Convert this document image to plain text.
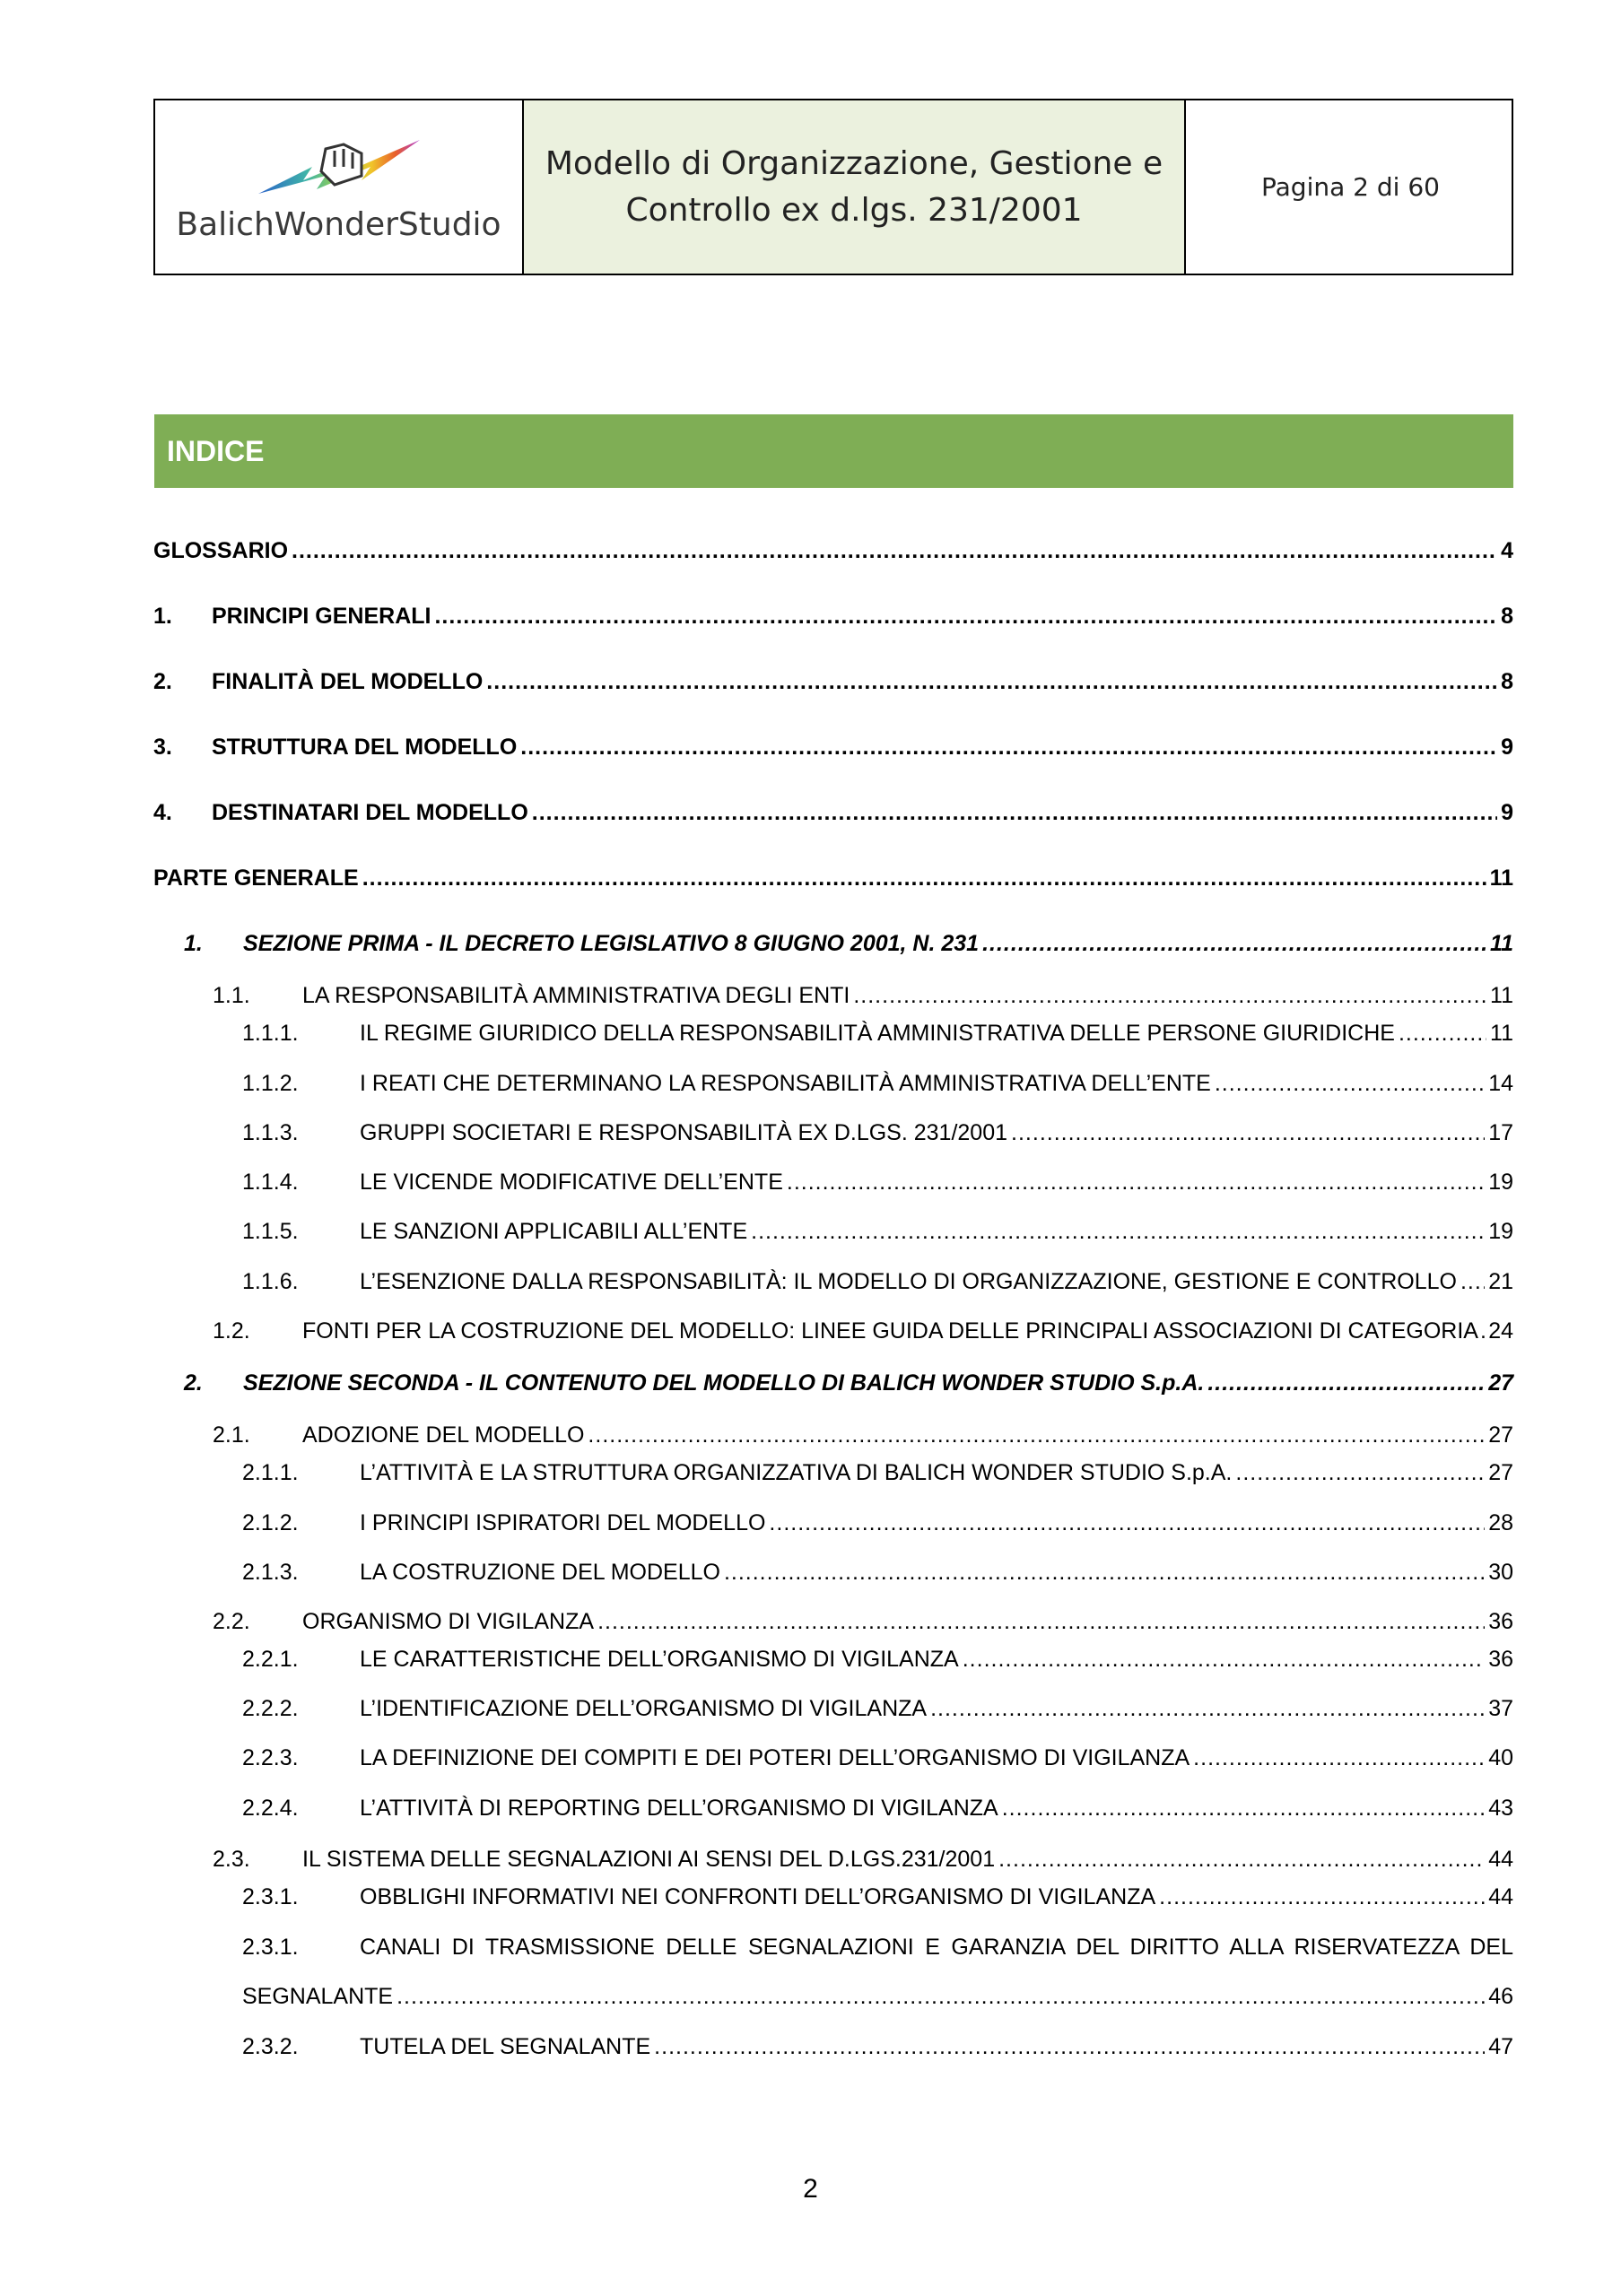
BalichWonderStudio
Modello di Organizzazione, Gestione e
Controllo ex d.lgs. 231/2001
Pagina 2 di 60
INDICE
GLOSSARIO .....	4
1.	PRINCIPI GENERALI .....	8
2.	FINALITÀ DEL MODELLO .....	8
3.	STRUTTURA DEL MODELLO .....	9
4.	DESTINATARI DEL MODELLO .....	9
PARTE GENERALE .....	11
1.	SEZIONE PRIMA - IL DECRETO LEGISLATIVO 8 GIUGNO 2001, N. 231 .....	11
1.1.	LA RESPONSABILITÀ AMMINISTRATIVA DEGLI ENTI .....	11
1.1.1.	IL REGIME GIURIDICO DELLA RESPONSABILITÀ AMMINISTRATIVA DELLE PERSONE GIURIDICHE .....	11
1.1.2.	I REATI CHE DETERMINANO LA RESPONSABILITÀ AMMINISTRATIVA DELL’ENTE .....	14
1.1.3.	GRUPPI SOCIETARI E RESPONSABILITÀ EX D.LGS. 231/2001 .....	17
1.1.4.	LE VICENDE MODIFICATIVE DELL’ENTE .....	19
1.1.5.	LE SANZIONI APPLICABILI ALL’ENTE .....	19
1.1.6.	L’ESENZIONE DALLA RESPONSABILITÀ: IL MODELLO DI ORGANIZZAZIONE, GESTIONE E CONTROLLO ..... 21
1.2.	FONTI PER LA COSTRUZIONE DEL MODELLO: LINEE GUIDA DELLE PRINCIPALI ASSOCIAZIONI DI CATEGORIA ..... 24
2.	SEZIONE SECONDA - IL CONTENUTO DEL MODELLO DI BALICH WONDER STUDIO S.p.A. .....	27
2.1.	ADOZIONE DEL MODELLO .....	27
2.1.1.	L’ATTIVITÀ E LA STRUTTURA ORGANIZZATIVA DI BALICH WONDER STUDIO S.p.A. .....	27
2.1.2.	I PRINCIPI ISPIRATORI DEL MODELLO .....	28
2.1.3.	LA COSTRUZIONE DEL MODELLO .....	30
2.2.	ORGANISMO DI VIGILANZA .....	36
2.2.1.	LE CARATTERISTICHE DELL’ORGANISMO DI VIGILANZA .....	36
2.2.2.	L’IDENTIFICAZIONE DELL’ORGANISMO DI VIGILANZA .....	37
2.2.3.	LA DEFINIZIONE DEI COMPITI E DEI POTERI DELL’ORGANISMO DI VIGILANZA .....	40
2.2.4.	L’ATTIVITÀ DI REPORTING DELL’ORGANISMO DI VIGILANZA .....	43
2.3.	IL SISTEMA DELLE SEGNALAZIONI AI SENSI DEL D.LGS.231/2001 .....	44
2.3.1.	OBBLIGHI INFORMATIVI NEI CONFRONTI DELL’ORGANISMO DI VIGILANZA .....	44
2.3.1.	CANALI DI TRASMISSIONE DELLE SEGNALAZIONI E GARANZIA DEL DIRITTO ALLA RISERVATEZZA DEL
SEGNALANTE .....	46
2.3.2.	TUTELA DEL SEGNALANTE .....	47
2
